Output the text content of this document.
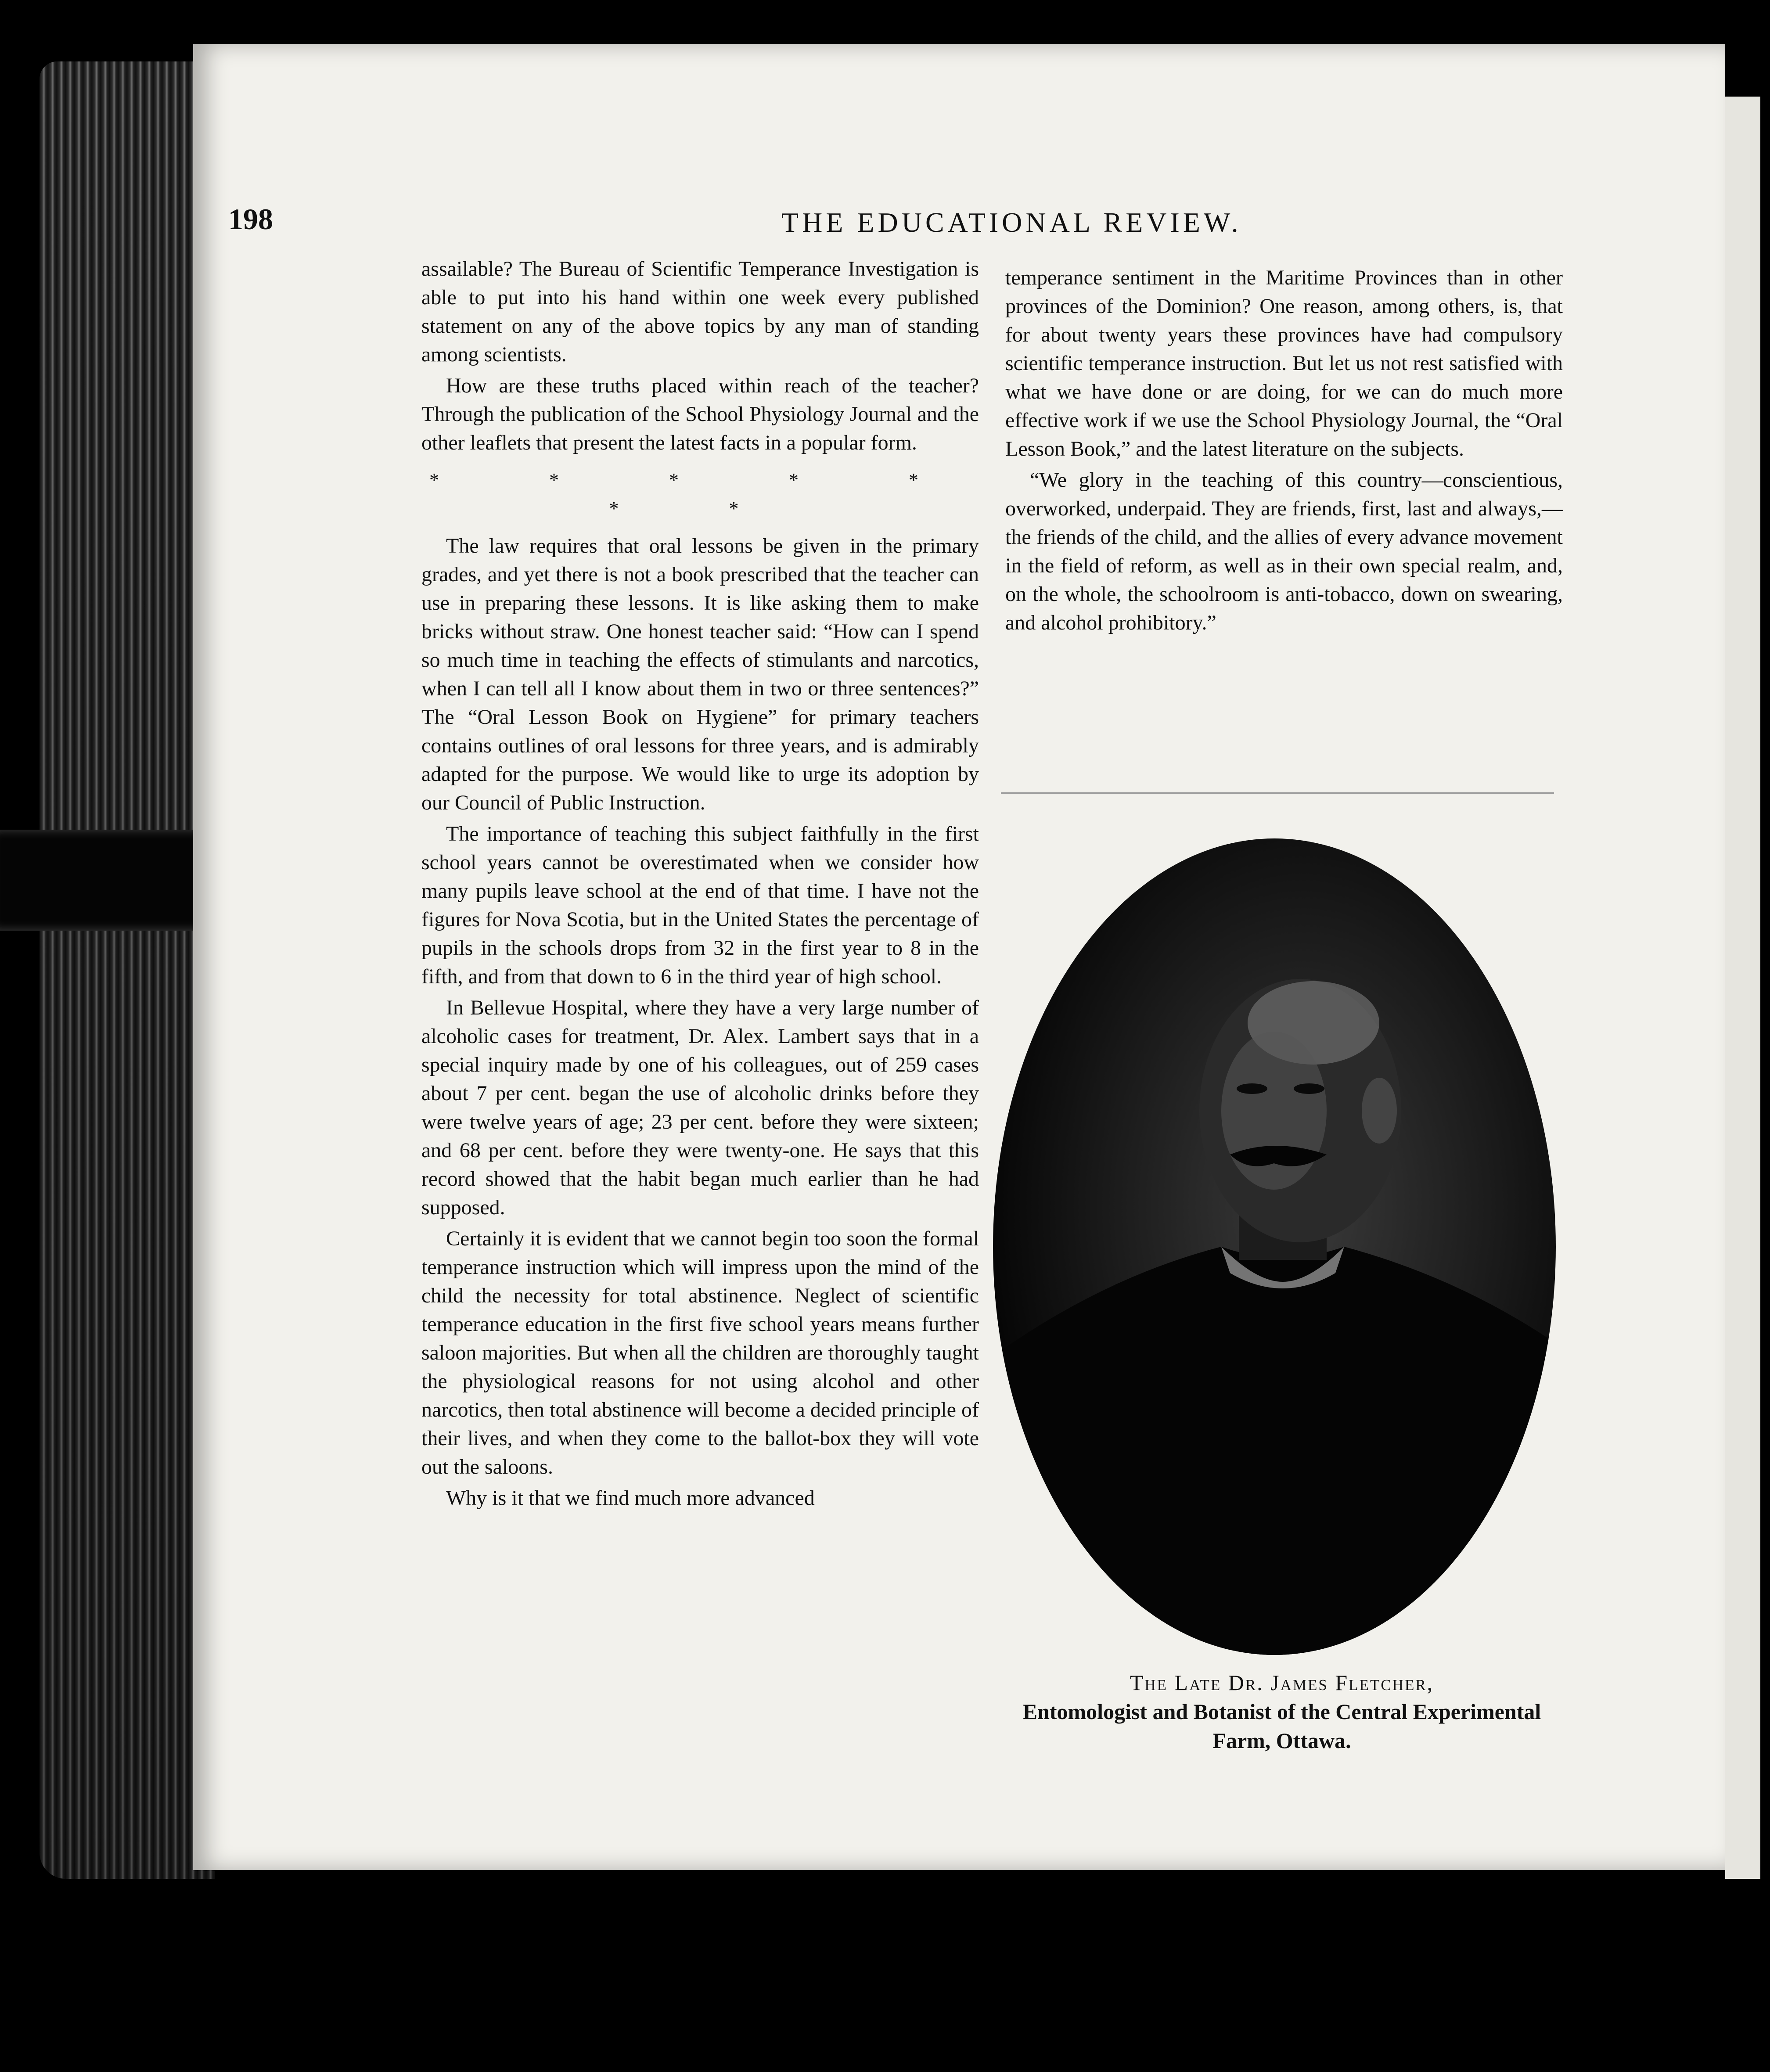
198	THE EDUCATIONAL REVIEW.

assailable? The Bureau of Scientific Temperance Investigation is able to put into his hand within one week every published statement on any of the above topics by any man of standing among scientists.

How are these truths placed within reach of the teacher? Through the publication of the School Physiology Journal and the other leaflets that present the latest facts in a popular form.

* * * * * * *

The law requires that oral lessons be given in the primary grades, and yet there is not a book prescribed that the teacher can use in preparing these lessons. It is like asking them to make bricks without straw. One honest teacher said: “How can I spend so much time in teaching the effects of stimulants and narcotics, when I can tell all I know about them in two or three sentences?” The “Oral Lesson Book on Hygiene” for primary teachers contains outlines of oral lessons for three years, and is admirably adapted for the purpose. We would like to urge its adoption by our Council of Public Instruction.

The importance of teaching this subject faithfully in the first school years cannot be overestimated when we consider how many pupils leave school at the end of that time. I have not the figures for Nova Scotia, but in the United States the percentage of pupils in the schools drops from 32 in the first year to 8 in the fifth, and from that down to 6 in the third year of high school.

In Bellevue Hospital, where they have a very large number of alcoholic cases for treatment, Dr. Alex. Lambert says that in a special inquiry made by one of his colleagues, out of 259 cases about 7 per cent. began the use of alcoholic drinks before they were twelve years of age; 23 per cent. before they were sixteen; and 68 per cent. before they were twenty-one. He says that this record showed that the habit began much earlier than he had supposed.

Certainly it is evident that we cannot begin too soon the formal temperance instruction which will impress upon the mind of the child the necessity for total abstinence. Neglect of scientific temperance education in the first five school years means further saloon majorities. But when all the children are thoroughly taught the physiological reasons for not using alcohol and other narcotics, then total abstinence will become a decided principle of their lives, and when they come to the ballot-box they will vote out the saloons.

Why is it that we find much more advanced

temperance sentiment in the Maritime Provinces than in other provinces of the Dominion? One reason, among others, is, that for about twenty years these provinces have had compulsory scientific temperance instruction. But let us not rest satisfied with what we have done or are doing, for we can do much more effective work if we use the School Physiology Journal, the “Oral Lesson Book,” and the latest literature on the subjects.

“We glory in the teaching of this country—conscientious, overworked, underpaid. They are friends, first, last and always,—the friends of the child, and the allies of every advance movement in the field of reform, as well as in their own special realm, and, on the whole, the schoolroom is anti-tobacco, down on swearing, and alcohol prohibitory.”

The Late Dr. James Fletcher,
Entomologist and Botanist of the Central Experimental Farm, Ottawa.
